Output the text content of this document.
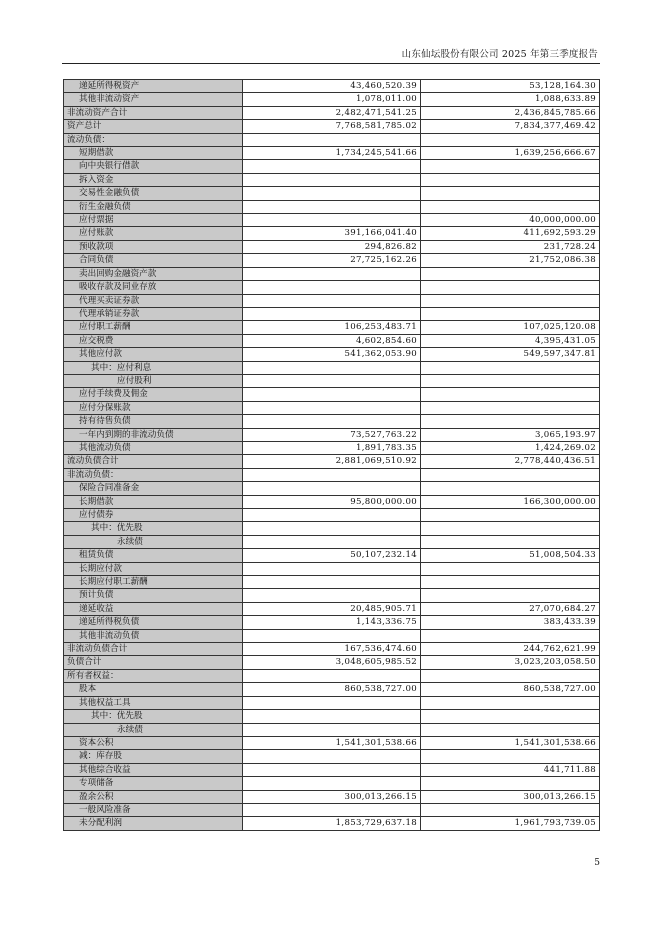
山东仙坛股份有限公司 2025 年第三季度报告
递延所得税资产	43,460,520.39	53,128,164.30
其他非流动资产	1,078,011.00	1,088,633.89
非流动资产合计	2,482,471,541.25	2,436,845,785.66
资产总计	7,768,581,785.02	7,834,377,469.42
流动负债：		
短期借款	1,734,245,541.66	1,639,256,666.67
向中央银行借款		
拆入资金		
交易性金融负债		
衍生金融负债		
应付票据		40,000,000.00
应付账款	391,166,041.40	411,692,593.29
预收款项	294,826.82	231,728.24
合同负债	27,725,162.26	21,752,086.38
卖出回购金融资产款		
吸收存款及同业存放		
代理买卖证券款		
代理承销证券款		
应付职工薪酬	106,253,483.71	107,025,120.08
应交税费	4,602,854.60	4,395,431.05
其他应付款	541,362,053.90	549,597,347.81
其中：应付利息		
应付股利		
应付手续费及佣金		
应付分保账款		
持有待售负债		
一年内到期的非流动负债	73,527,763.22	3,065,193.97
其他流动负债	1,891,783.35	1,424,269.02
流动负债合计	2,881,069,510.92	2,778,440,436.51
非流动负债：		
保险合同准备金		
长期借款	95,800,000.00	166,300,000.00
应付债券		
其中：优先股		
永续债		
租赁负债	50,107,232.14	51,008,504.33
长期应付款		
长期应付职工薪酬		
预计负债		
递延收益	20,485,905.71	27,070,684.27
递延所得税负债	1,143,336.75	383,433.39
其他非流动负债		
非流动负债合计	167,536,474.60	244,762,621.99
负债合计	3,048,605,985.52	3,023,203,058.50
所有者权益：		
股本	860,538,727.00	860,538,727.00
其他权益工具		
其中：优先股		
永续债		
资本公积	1,541,301,538.66	1,541,301,538.66
减：库存股		
其他综合收益		441,711.88
专项储备		
盈余公积	300,013,266.15	300,013,266.15
一般风险准备		
未分配利润	1,853,729,637.18	1,961,793,739.05
5
